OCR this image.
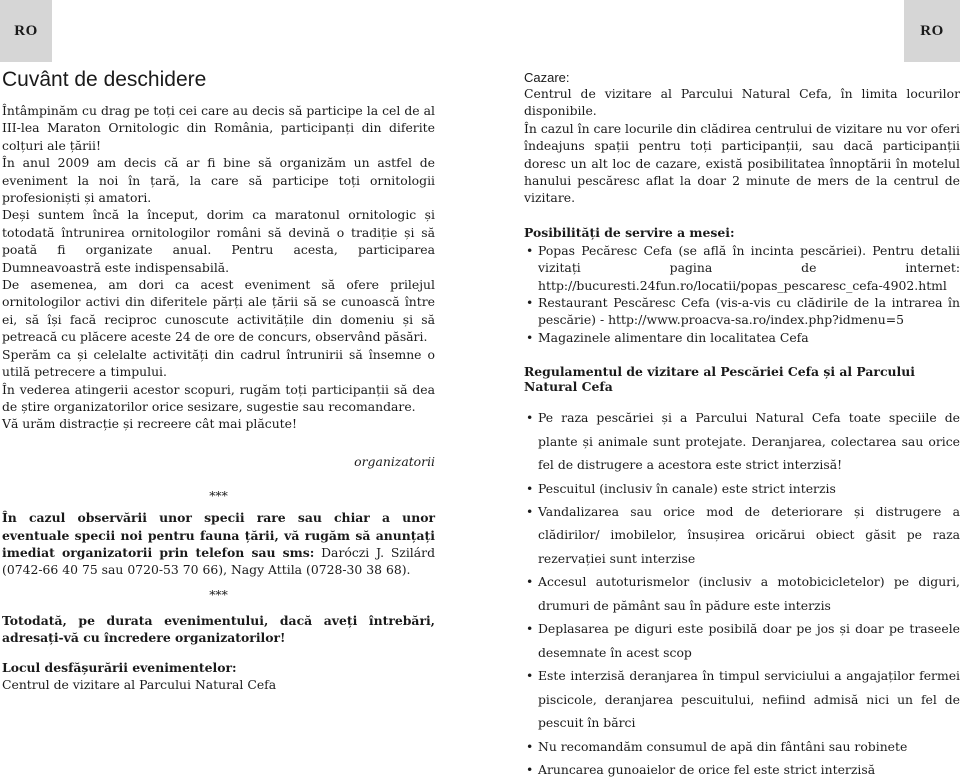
RO	RO
Cuvânt de deschidere

Întâmpinăm cu drag pe toți cei care au decis să participe la cel de al III-lea Maraton Ornitologic din România, participanți din diferite colțuri ale țării!

În anul 2009 am decis că ar fi bine să organizăm un astfel de eveniment la noi în țară, la care să participe toți ornitologii profesioniști și amatori.

Deși suntem încă la început, dorim ca maratonul ornitologic și totodată întrunirea ornitologilor români să devină o tradiție și să poată fi organizate anual. Pentru acesta, participarea Dumneavoastră este indispensabilă.

De asemenea, am dori ca acest eveniment să ofere prilejul ornitologilor activi din diferitele părți ale țării să se cunoască între ei, să își facă reciproc cunoscute activitățile din domeniu și să petreacă cu plăcere aceste 24 de ore de concurs, observând păsări.

Sperăm ca și celelalte activități din cadrul întrunirii să însemne o utilă petrecere a timpului.

În vederea atingerii acestor scopuri, rugăm toți participanții să dea de știre organizatorilor orice sesizare, sugestie sau recomandare.

Vă urăm distracție și recreere cât mai plăcute!

organizatorii

***
În cazul observării unor specii rare sau chiar a unor eventuale specii noi pentru fauna țării, vă rugăm să anunțați imediat organizatorii prin telefon sau sms: Daróczi J. Szilárd (0742-66 40 75 sau 0720-53 70 66), Nagy Attila (0728-30 38 68).
***
Totodată, pe durata evenimentului, dacă aveți întrebări, adresați-vă cu încredere organizatorilor!
Locul desfășurării evenimentelor:
Centrul de vizitare al Parcului Natural Cefa
Cazare:

Centrul de vizitare al Parcului Natural Cefa, în limita locurilor disponibile.

În cazul în care locurile din clădirea centrului de vizitare nu vor oferi îndeajuns spații pentru toți participanții, sau dacă participanții doresc un alt loc de cazare, există posibilitatea înnoptării în motelul hanului pescăresc aflat la doar 2 minute de mers de la centrul de vizitare.

Posibilități de servire a mesei:
• Popas Pecăresc Cefa (se află în incinta pescăriei). Pentru detalii vizitați pagina de internet: http://bucuresti.24fun.ro/locatii/popas_pescaresc_cefa-4902.html
• Restaurant Pescăresc Cefa (vis-a-vis cu clădirile de la intrarea în pescărie) - http://www.proacva-sa.ro/index.php?idmenu=5
• Magazinele alimentare din localitatea Cefa
Regulamentul de vizitare al Pescăriei Cefa și al Parcului Natural Cefa
• Pe raza pescăriei și a Parcului Natural Cefa toate speciile de plante și animale sunt protejate. Deranjarea, colectarea sau orice fel de distrugere a acestora este strict interzisă!
• Pescuitul (inclusiv în canale) este strict interzis
• Vandalizarea sau orice mod de deteriorare și distrugere a clădirilor/ imobilelor, însușirea oricărui obiect găsit pe raza rezervației sunt interzise
• Accesul autoturismelor (inclusiv a motobicicletelor) pe diguri, drumuri de pământ sau în pădure este interzis
• Deplasarea pe diguri este posibilă doar pe jos și doar pe traseele desemnate în acest scop
• Este interzisă deranjarea în timpul serviciului a angajaților fermei piscicole, deranjarea pescuitului, nefiind admisă nici un fel de pescuit în bărci
• Nu recomandăm consumul de apă din fântâni sau robinete
• Aruncarea gunoaielor de orice fel este strict interzisă
